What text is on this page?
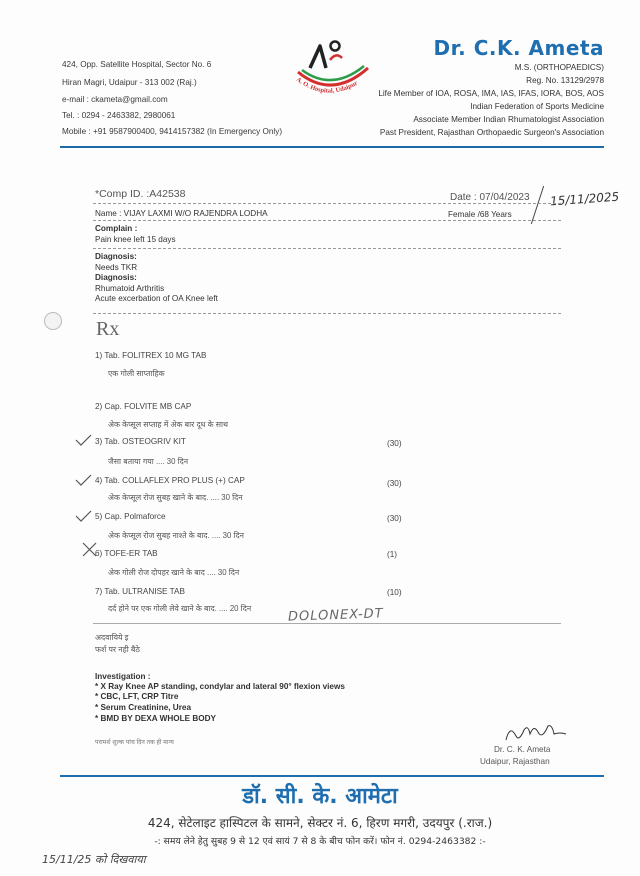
424, Opp. Satellite Hospital, Sector No. 6
Hiran Magri, Udaipur - 313 002 (Raj.)
e-mail : ckameta@gmail.com
Tel. : 0294 - 2463382, 2980061
Mobile : +91 9587900400, 9414157382 (In Emergency Only)
A. O. Hospital, Udaipur
Dr. C.K. Ameta
M.S. (ORTHOPAEDICS)
Reg. No. 13129/2978
Life Member of IOA, ROSA, IMA, IAS, IFAS, IORA, BOS, AOS
Indian Federation of Sports Medicine
Associate Member Indian Rhumatologist Association
Past President, Rajasthan Orthopaedic Surgeon's Association
*Comp ID. :A42538	Date : 07/04/2023 15/11/2025
Name : VIJAY LAXMI W/O RAJENDRA LODHA	Female /68 Years
Complain :
Pain knee left 15 days
Diagnosis:
Needs TKR
Diagnosis:
Rhumatoid Arthritis
Acute excerbation of OA Knee left
Rx
1) Tab. FOLITREX 10 MG TAB
एक गोली साप्ताहिक
2) Cap. FOLVITE MB CAP
अेक केप्सूल सप्ताह में अेक बार दूध के साथ
3) Tab. OSTEOGRIV KIT	(30)
जैसा बताया गया .... 30 दिन
4) Tab. COLLAFLEX PRO PLUS (+) CAP	(30)
अेक केप्सूल रोज सुबह खाने के बाद. .... 30 दिन
5) Cap. Polmaforce	(30)
अेक केप्सूल रोज सुबह नाश्ते के बाद. .... 30 दिन
6) TOFE-ER TAB	(1)
अेक गोली रोज दोपहर खाने के बाद .... 30 दिन
7) Tab. ULTRANISE TAB	(10)
दर्द होने पर एक गोली लेवे खाने के बाद. .... 20 दिन	DOLONEX-DT
अदवायिये इ
फर्श पर नही बैठे
Investigation :
* X Ray Knee AP standing, condylar and lateral 90° flexion views
* CBC, LFT, CRP Titre
* Serum Creatinine, Urea
* BMD BY DEXA WHOLE BODY
परामर्श शुल्क पांच दिन तक ही मान्य
Dr. C. K. Ameta
Udaipur, Rajasthan
डॉ. सी. के. आमेटा
424, सेटेलाइट हास्पिटल के सामने, सेक्टर नं. 6, हिरण मगरी, उदयपुर (.राज.)
-: समय लेने हेतु सुबह 9 से 12 एवं सायं 7 से 8 के बीच फोन करें। फोन नं. 0294-2463382 :-
15/11/25 को दिखवाया
